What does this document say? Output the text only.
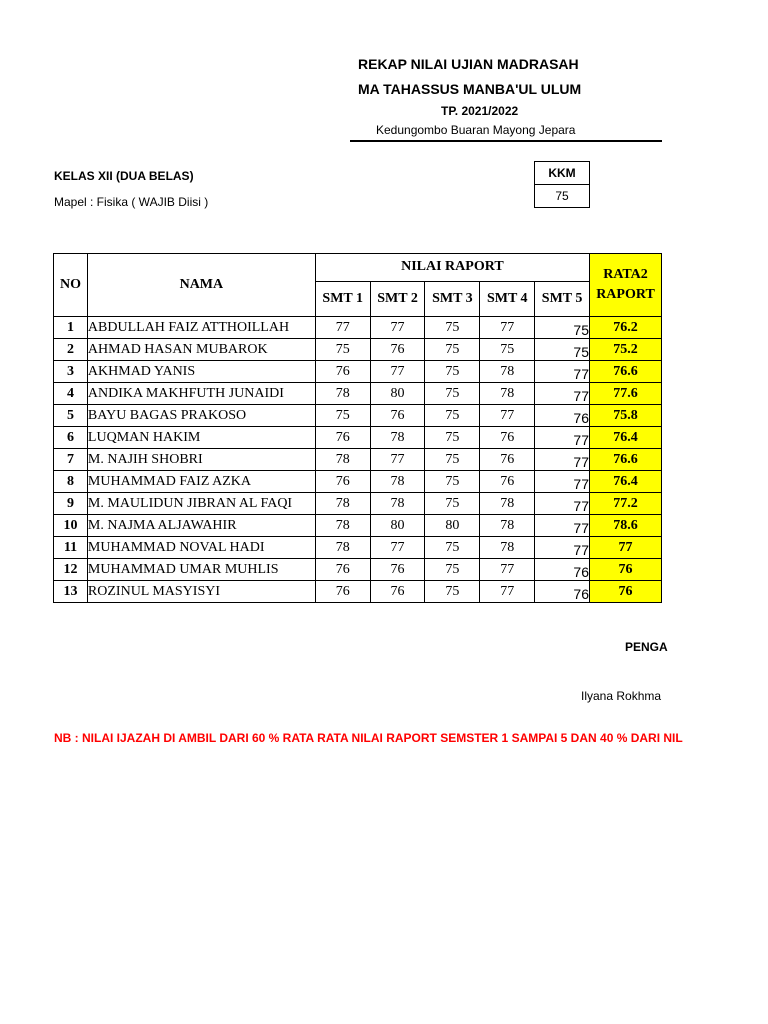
REKAP NILAI UJIAN MADRASAH
MA TAHASSUS MANBA'UL ULUM
TP. 2021/2022
Kedungombo Buaran Mayong Jepara
KELAS XII (DUA BELAS)
Mapel : Fisika ( WAJIB Diisi )
KKM
75
NO	NAMA	NILAI RAPORT					RATA2
RAPORT
		SMT 1	SMT 2	SMT 3	SMT 4	SMT 5	
1	ABDULLAH FAIZ ATTHOILLAH	77	77	75	77	75	76.2
2	AHMAD HASAN MUBAROK	75	76	75	75	75	75.2
3	AKHMAD YANIS	76	77	75	78	77	76.6
4	ANDIKA MAKHFUTH JUNAIDI	78	80	75	78	77	77.6
5	BAYU BAGAS PRAKOSO	75	76	75	77	76	75.8
6	LUQMAN HAKIM	76	78	75	76	77	76.4
7	M. NAJIH SHOBRI	78	77	75	76	77	76.6
8	MUHAMMAD FAIZ AZKA	76	78	75	76	77	76.4
9	M. MAULIDUN JIBRAN AL FAQI	78	78	75	78	77	77.2
10	M. NAJMA ALJAWAHIR	78	80	80	78	77	78.6
11	MUHAMMAD NOVAL HADI	78	77	75	78	77	77
12	MUHAMMAD UMAR MUHLIS	76	76	75	77	76	76
13	ROZINUL MASYISYI	76	76	75	77	76	76
PENGA
Ilyana Rokhma
NB : NILAI IJAZAH DI AMBIL DARI 60 % RATA RATA NILAI RAPORT SEMSTER 1 SAMPAI 5 DAN 40 % DARI NIL
